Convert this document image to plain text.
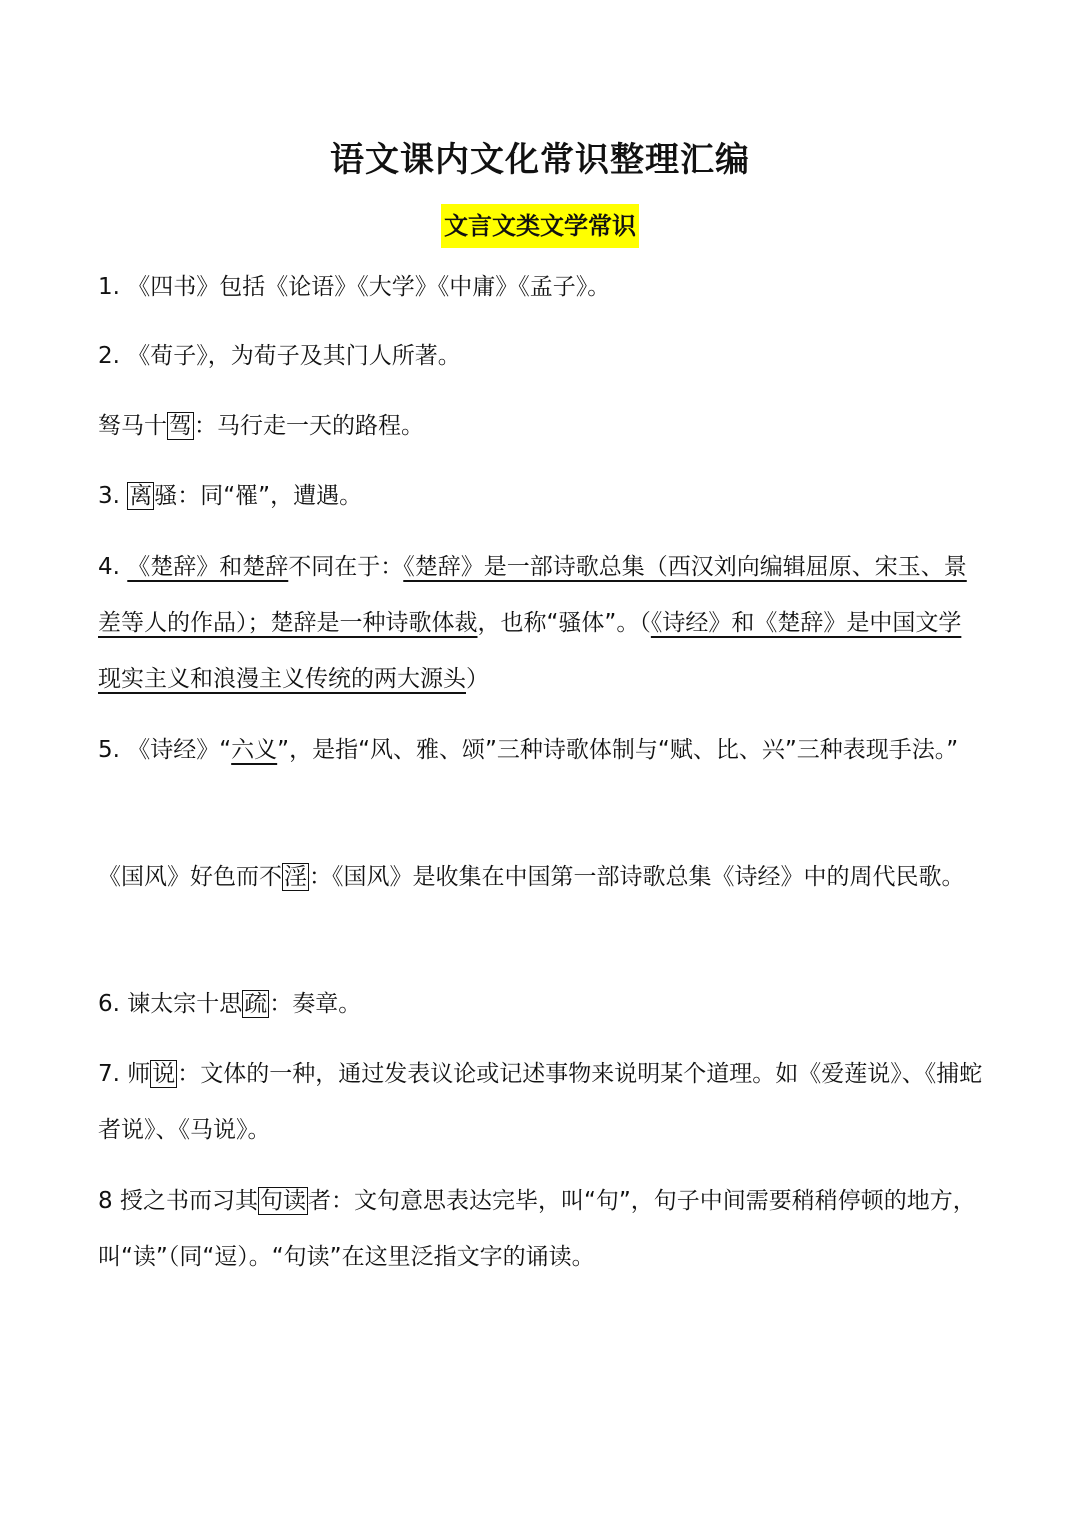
语文课内文化常识整理汇编
文言文类文学常识

1. 《四书》包括《论语》《大学》《中庸》《孟子》。

2. 《荀子》，为荀子及其门人所著。

驽马十驾：马行走一天的路程。

3. 离骚：同“罹”，遭遇。

4. 《楚辞》和楚辞不同在于：《楚辞》是一部诗歌总集（西汉刘向编辑屈原、宋玉、景差等人的作品）；楚辞是一种诗歌体裁，也称“骚体”。（《诗经》和《楚辞》是中国文学现实主义和浪漫主义传统的两大源头）

5. 《诗经》“六义”，是指“风、雅、颂”三种诗歌体制与“赋、比、兴”三种表现手法。”

《国风》好色而不淫：《国风》是收集在中国第一部诗歌总集《诗经》中的周代民歌。

6. 谏太宗十思疏：奏章。

7. 师说：文体的一种，通过发表议论或记述事物来说明某个道理。如《爱莲说》、《捕蛇者说》、《马说》。

8 授之书而习其句读者：文句意思表达完毕，叫“句”，句子中间需要稍稍停顿的地方，叫“读”（同“逗）。“句读”在这里泛指文字的诵读。
